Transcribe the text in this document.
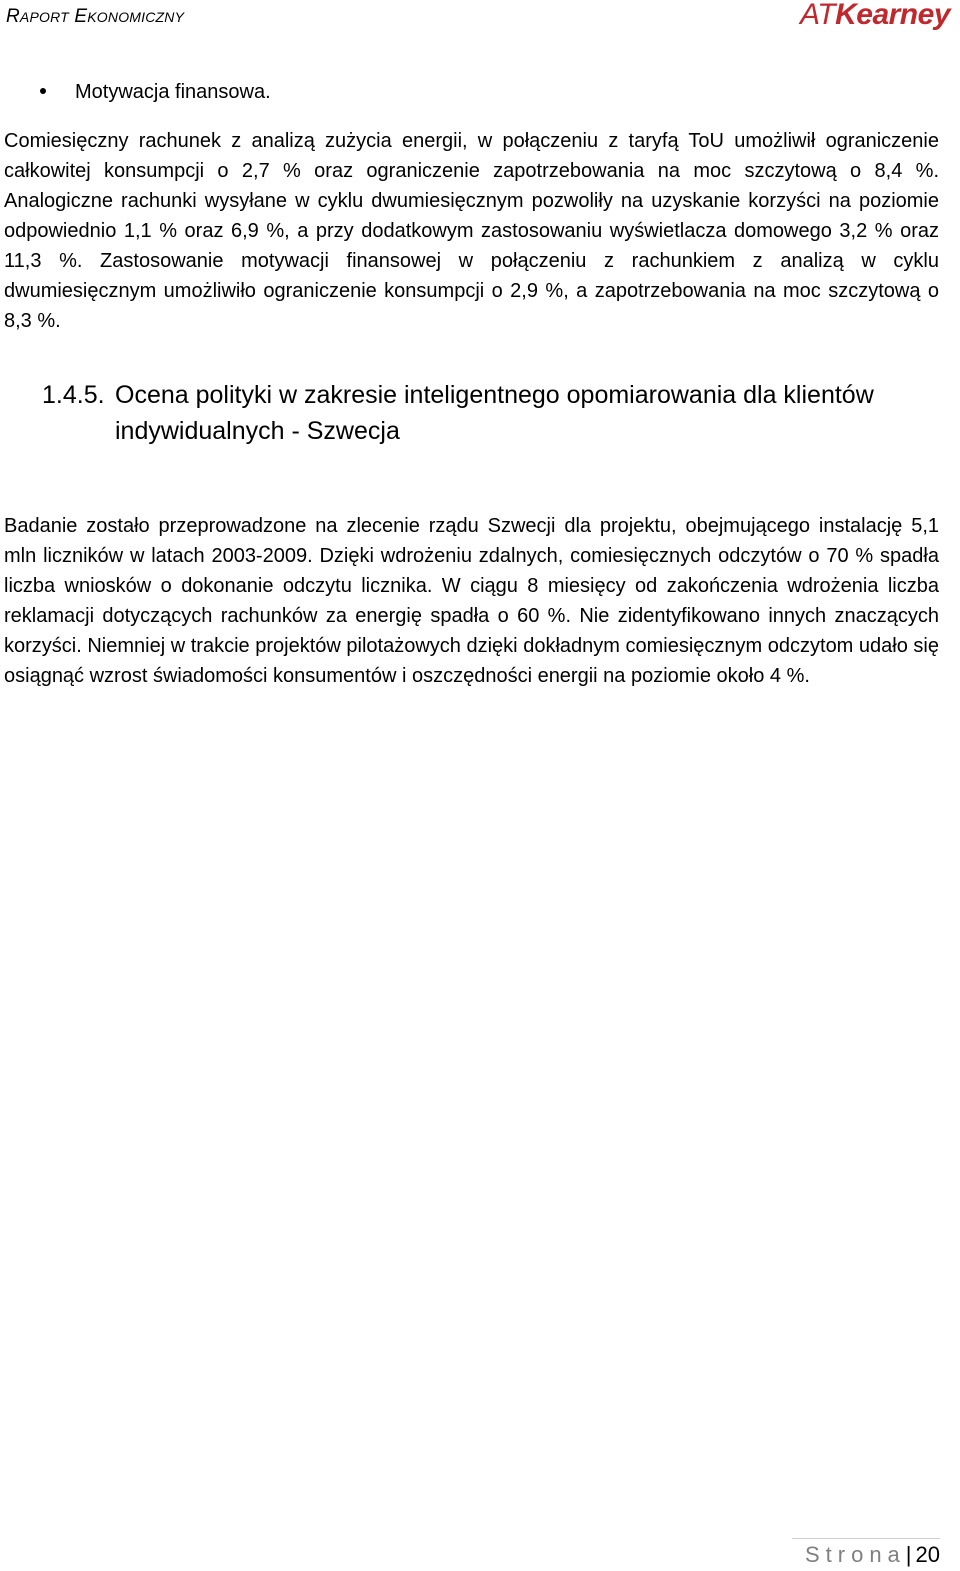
RAPORT EKONOMICZNY	ATKearney
Motywacja finansowa.

Comiesięczny rachunek z analizą zużycia energii, w połączeniu z taryfą ToU umożliwił ograniczenie całkowitej konsumpcji o 2,7 % oraz ograniczenie zapotrzebowania na moc szczytową o 8,4 %. Analogiczne rachunki wysyłane w cyklu dwumiesięcznym pozwoliły na uzyskanie korzyści na poziomie odpowiednio 1,1 % oraz 6,9 %, a przy dodatkowym zastosowaniu wyświetlacza domowego 3,2 % oraz 11,3 %. Zastosowanie motywacji finansowej w połączeniu z rachunkiem z analizą w cyklu dwumiesięcznym umożliwiło ograniczenie konsumpcji o 2,9 %, a zapotrzebowania na moc szczytową o 8,3 %.

1.4.5. Ocena polityki w zakresie inteligentnego opomiarowania dla klientów indywidualnych - Szwecja

Badanie zostało przeprowadzone na zlecenie rządu Szwecji dla projektu, obejmującego instalację 5,1 mln liczników w latach 2003-2009. Dzięki wdrożeniu zdalnych, comiesięcznych odczytów o 70 % spadła liczba wniosków o dokonanie odczytu licznika. W ciągu 8 miesięcy od zakończenia wdrożenia liczba reklamacji dotyczących rachunków za energię spadła o 60 %. Nie zidentyfikowano innych znaczących korzyści. Niemniej w trakcie projektów pilotażowych dzięki dokładnym comiesięcznym odczytom udało się osiągnąć wzrost świadomości konsumentów i oszczędności energii na poziomie około 4 %.

Strona| 20
